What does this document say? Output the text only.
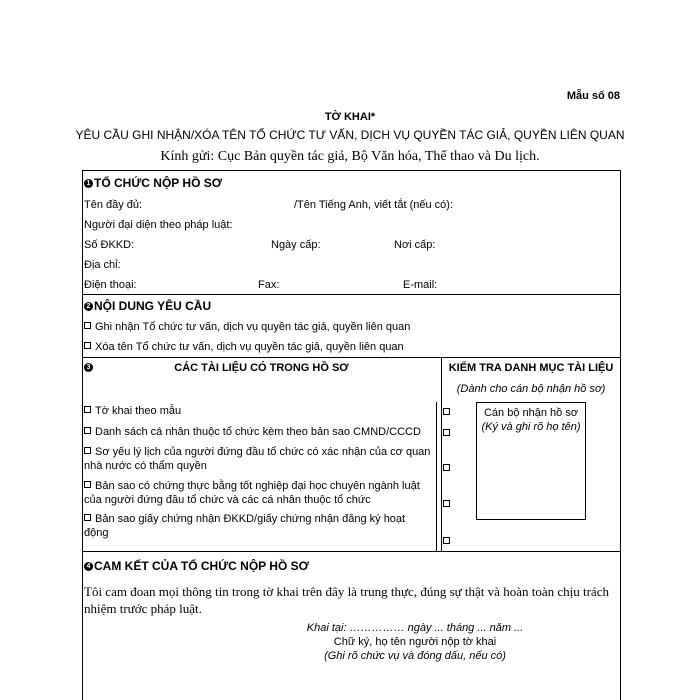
Mẫu số 08
TỜ KHAI*
YÊU CẦU GHI NHẬN/XÓA TÊN TỔ CHỨC TƯ VẤN, DỊCH VỤ QUYỀN TÁC GIẢ, QUYỀN LIÊN QUAN
Kính gửi: Cục Bản quyền tác giả, Bộ Văn hóa, Thể thao và Du lịch.
1 TỔ CHỨC NỘP HỒ SƠ
Tên đầy đủ:	/Tên Tiếng Anh, viết tắt (nếu có):
Người đại diện theo pháp luật:
Số ĐKKD:	Ngày cấp:	Nơi cấp:
Địa chỉ:
Điện thoại:	Fax:	E-mail:
2 NỘI DUNG YÊU CẦU
Ghi nhận Tổ chức tư vấn, dịch vụ quyền tác giả, quyền liên quan
Xóa tên Tổ chức tư vấn, dịch vụ quyền tác giả, quyền liên quan
3	CÁC TÀI LIỆU CÓ TRONG HỒ SƠ
Tờ khai theo mẫu
Danh sách cá nhân thuộc tổ chức kèm theo bản sao CMND/CCCD
Sơ yếu lý lịch của người đứng đầu tổ chức có xác nhận của cơ quan nhà nước có thẩm quyền
Bản sao có chứng thực bằng tốt nghiệp đại học chuyên ngành luật của người đứng đầu tổ chức và các cá nhân thuộc tổ chức
Bản sao giấy chứng nhận ĐKKD/giấy chứng nhận đăng ký hoạt động
KIỂM TRA DANH MỤC TÀI LIỆU
(Dành cho cán bộ nhận hồ sơ)
Cán bộ nhận hồ sơ
(Ký và ghi rõ họ tên)
4 CAM KẾT CỦA TỔ CHỨC NỘP HỒ SƠ
Tôi cam đoan mọi thông tin trong tờ khai trên đây là trung thực, đúng sự thật và hoàn toàn chịu trách nhiệm trước pháp luật.
Khai tại: …………… ngày ... tháng ... năm ...
Chữ ký, họ tên người nộp tờ khai
(Ghi rõ chức vụ và đóng dấu, nếu có)
